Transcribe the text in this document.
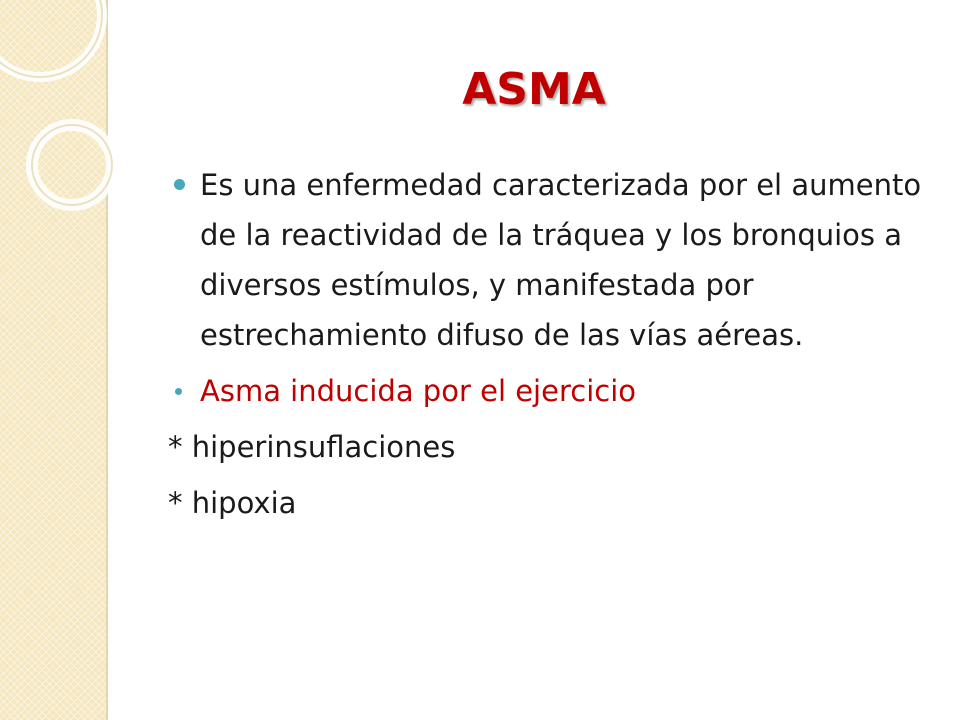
ASMA

Es una enfermedad caracterizada por el aumento de la reactividad de la tráquea y los bronquios a diversos estímulos, y manifestada por estrechamiento difuso de las vías aéreas.

Asma inducida por el ejercicio

* hiperinsuflaciones

* hipoxia
